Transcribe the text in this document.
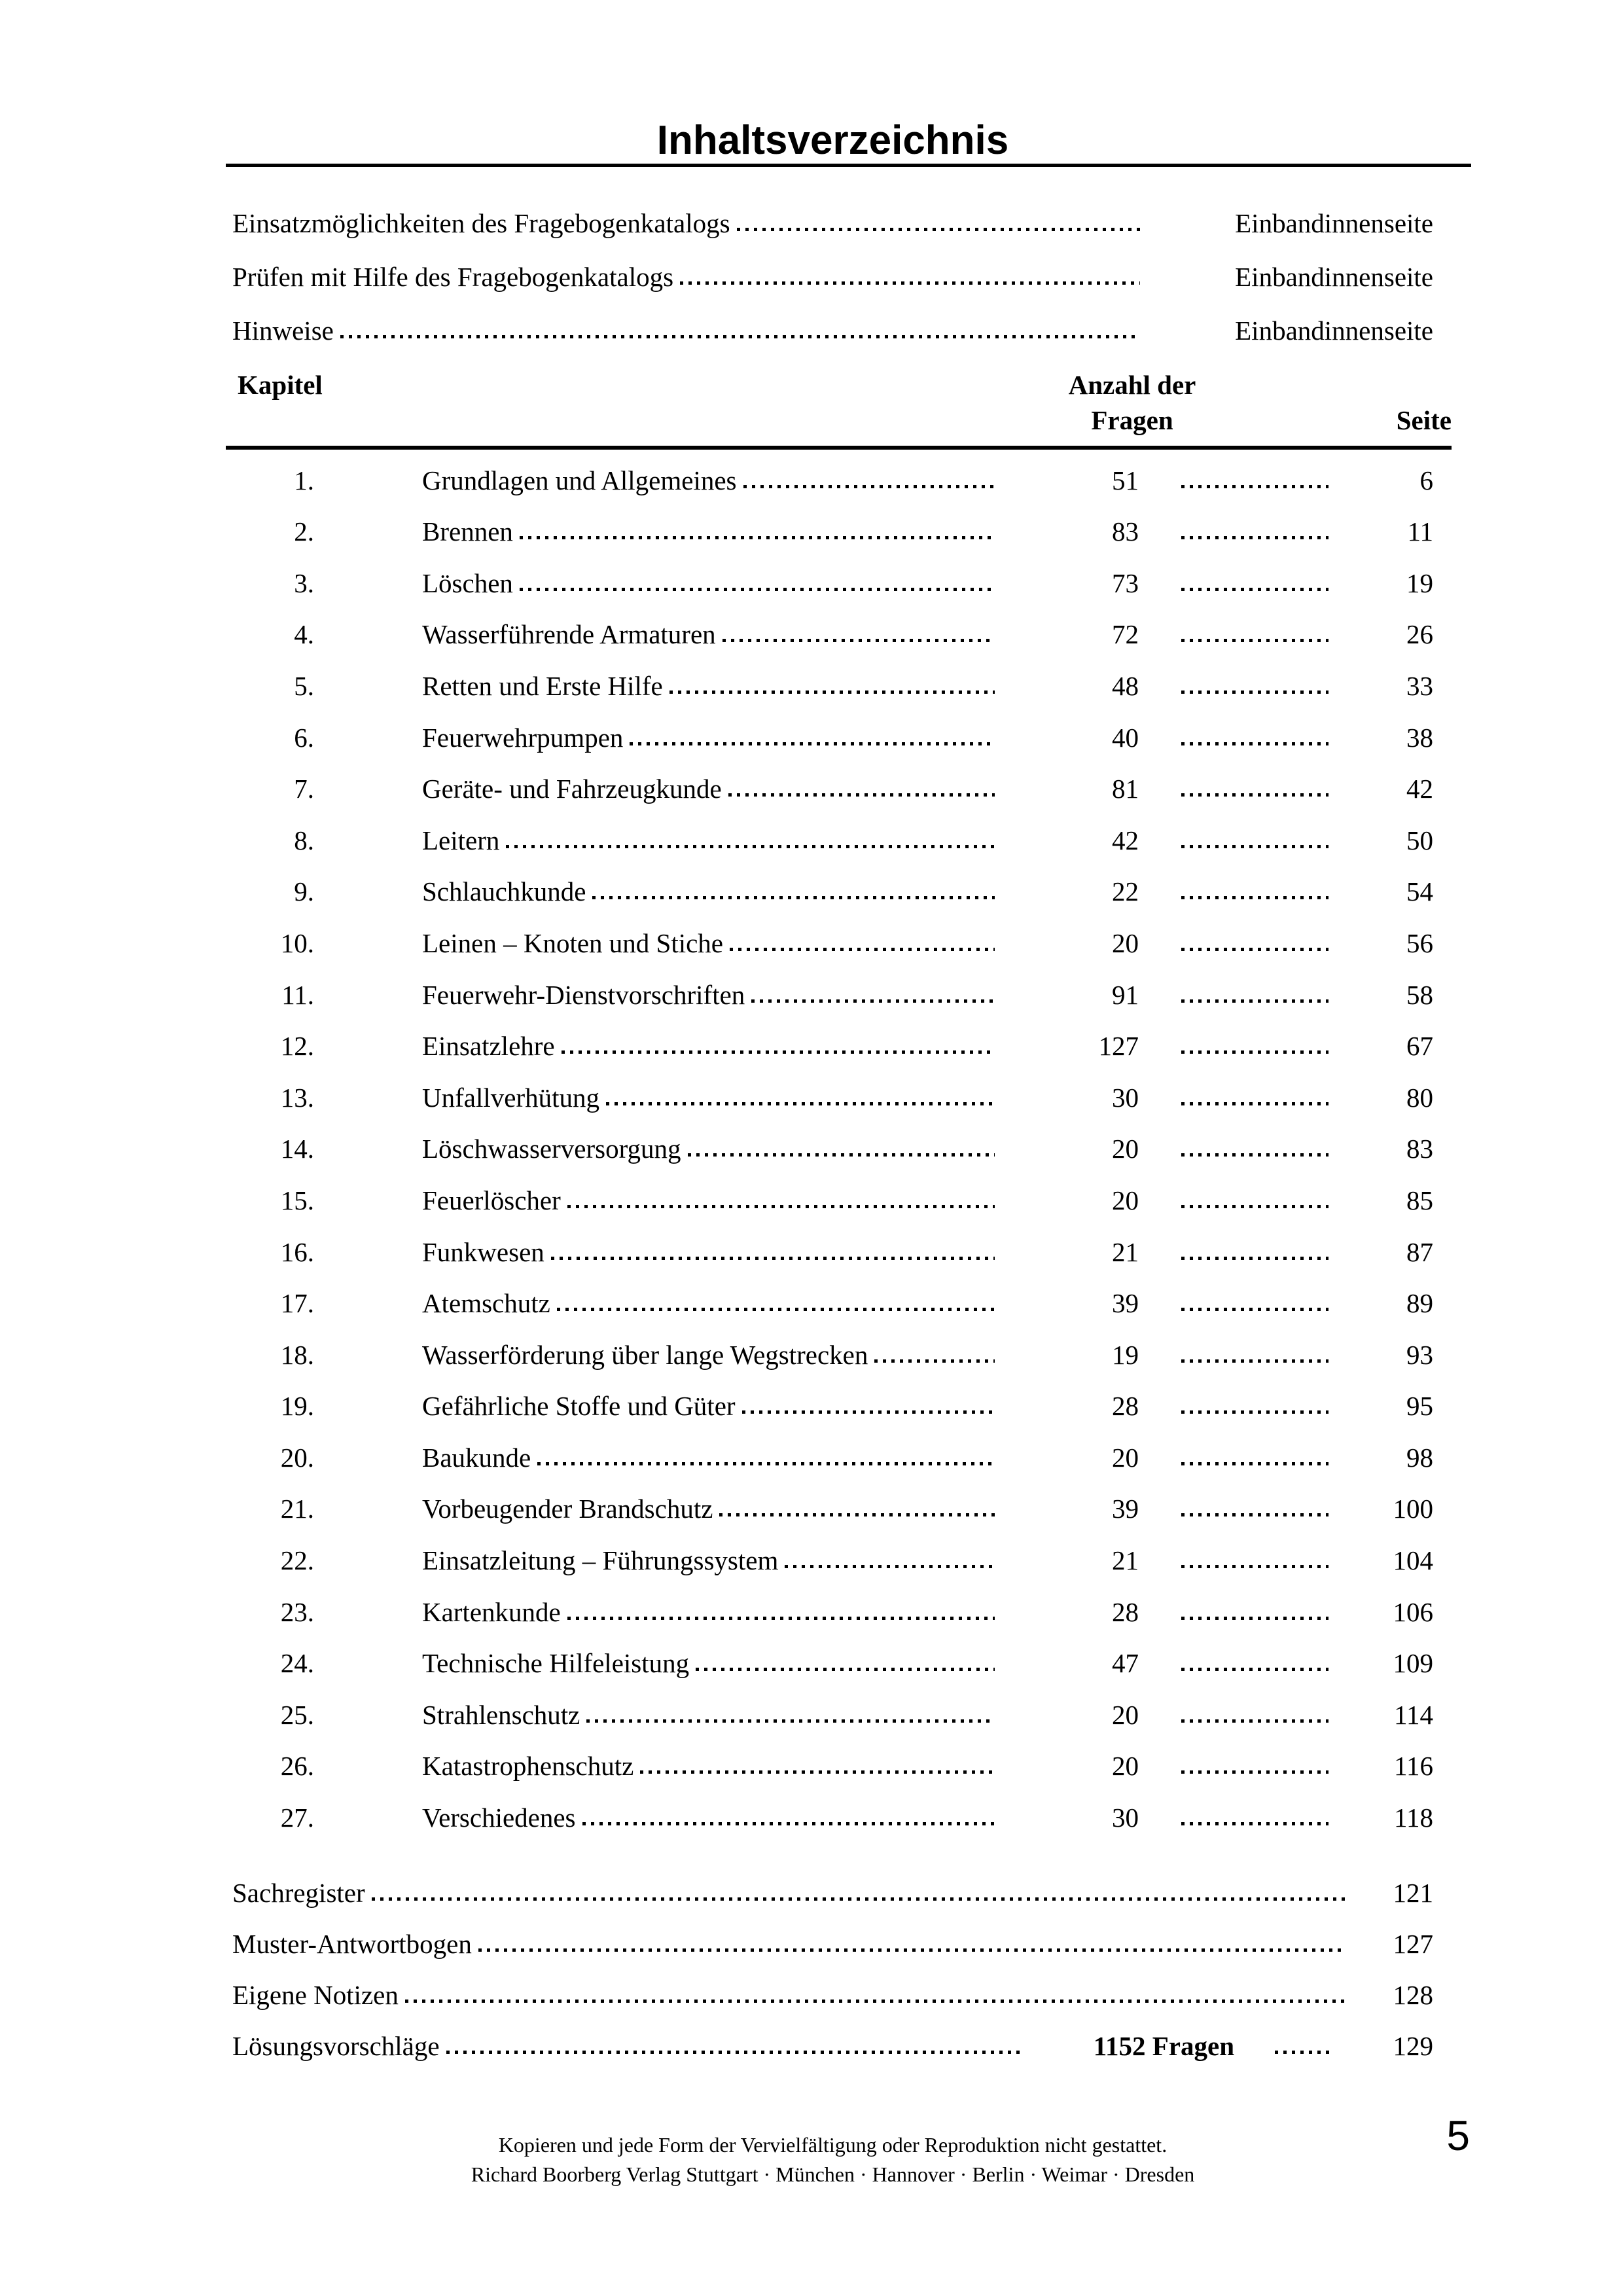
Inhaltsverzeichnis
Einsatzmöglichkeiten des Fragebogenkatalogs	Einbandinnenseite
Prüfen mit Hilfe des Fragebogenkatalogs	Einbandinnenseite
Hinweise	Einbandinnenseite
Kapitel	Anzahl der
Fragen	Seite
1.	Grundlagen und Allgemeines	51	6
2.	Brennen	83	11
3.	Löschen	73	19
4.	Wasserführende Armaturen	72	26
5.	Retten und Erste Hilfe	48	33
6.	Feuerwehrpumpen	40	38
7.	Geräte- und Fahrzeugkunde	81	42
8.	Leitern	42	50
9.	Schlauchkunde	22	54
10.	Leinen – Knoten und Stiche	20	56
11.	Feuerwehr-Dienstvorschriften	91	58
12.	Einsatzlehre	127	67
13.	Unfallverhütung	30	80
14.	Löschwasserversorgung	20	83
15.	Feuerlöscher	20	85
16.	Funkwesen	21	87
17.	Atemschutz	39	89
18.	Wasserförderung über lange Wegstrecken	19	93
19.	Gefährliche Stoffe und Güter	28	95
20.	Baukunde	20	98
21.	Vorbeugender Brandschutz	39	100
22.	Einsatzleitung – Führungssystem	21	104
23.	Kartenkunde	28	106
24.	Technische Hilfeleistung	47	109
25.	Strahlenschutz	20	114
26.	Katastrophenschutz	20	116
27.	Verschiedenes	30	118
Sachregister	121
Muster-Antwortbogen	127
Eigene Notizen	128
Lösungsvorschläge	1152 Fragen	129
Kopieren und jede Form der Vervielfältigung oder Reproduktion nicht gestattet.
Richard Boorberg Verlag Stuttgart · München · Hannover · Berlin · Weimar · Dresden
5
